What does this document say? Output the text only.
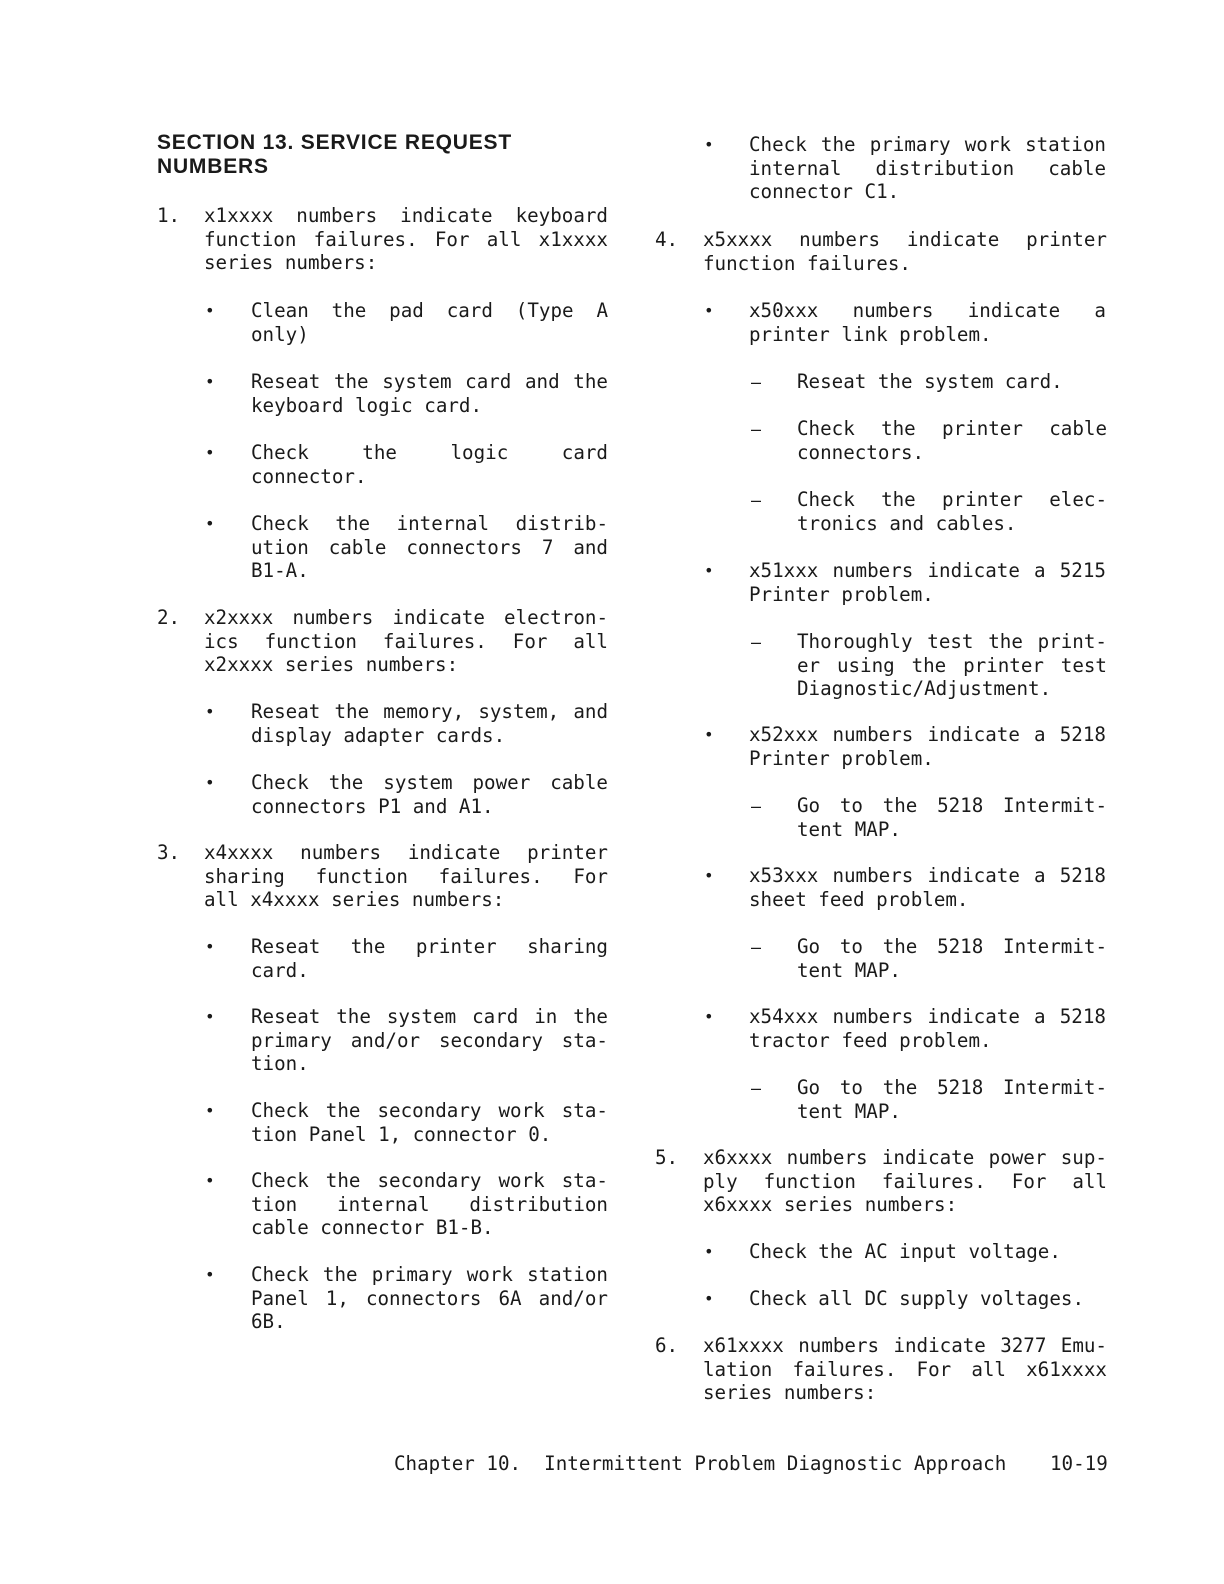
SECTION 13. SERVICE REQUEST
NUMBERS
1. x1xxxx numbers indicate keyboard
function failures. For all x1xxxx
series numbers:
• Clean the pad card (Type A
only)
• Reseat the system card and the
keyboard logic card.
• Check	the	logic	card
connector.
• Check the internal distrib-
ution cable connectors 7 and
B1-A.
2. x2xxxx numbers indicate electron-
ics function failures. For all
x2xxxx series numbers:
• Reseat the memory, system, and
display adapter cards.
• Check the system power cable
connectors P1 and A1.
3. x4xxxx numbers indicate printer
sharing function failures. For
all x4xxxx series numbers:
• Reseat the printer sharing
card.
• Reseat the system card in the
primary and/or secondary sta-
tion.
• Check the secondary work sta-
tion Panel 1, connector 0.
• Check the secondary work sta-
tion internal distribution
cable connector B1-B.
• Check the primary work station
Panel 1, connectors 6A and/or
6B.
• Check the primary work station
internal distribution cable
connector C1.
4. x5xxxx numbers indicate printer
function failures.
• x50xxx numbers indicate a
printer link problem.
– Reseat the system card.
– Check the printer cable
connectors.
– Check the printer elec-
tronics and cables.
• x51xxx numbers indicate a 5215
Printer problem.
– Thoroughly test the print-
er using the printer test
Diagnostic/Adjustment.
• x52xxx numbers indicate a 5218
Printer problem.
– Go to the 5218 Intermit-
tent MAP.
• x53xxx numbers indicate a 5218
sheet feed problem.
– Go to the 5218 Intermit-
tent MAP.
• x54xxx numbers indicate a 5218
tractor feed problem.
– Go to the 5218 Intermit-
tent MAP.
5. x6xxxx numbers indicate power sup-
ply function failures. For all
x6xxxx series numbers:
• Check the AC input voltage.
• Check all DC supply voltages.
6. x61xxxx numbers indicate 3277 Emu-
lation failures. For all x61xxxx
series numbers:
Chapter 10.  Intermittent Problem Diagnostic Approach 10-19
